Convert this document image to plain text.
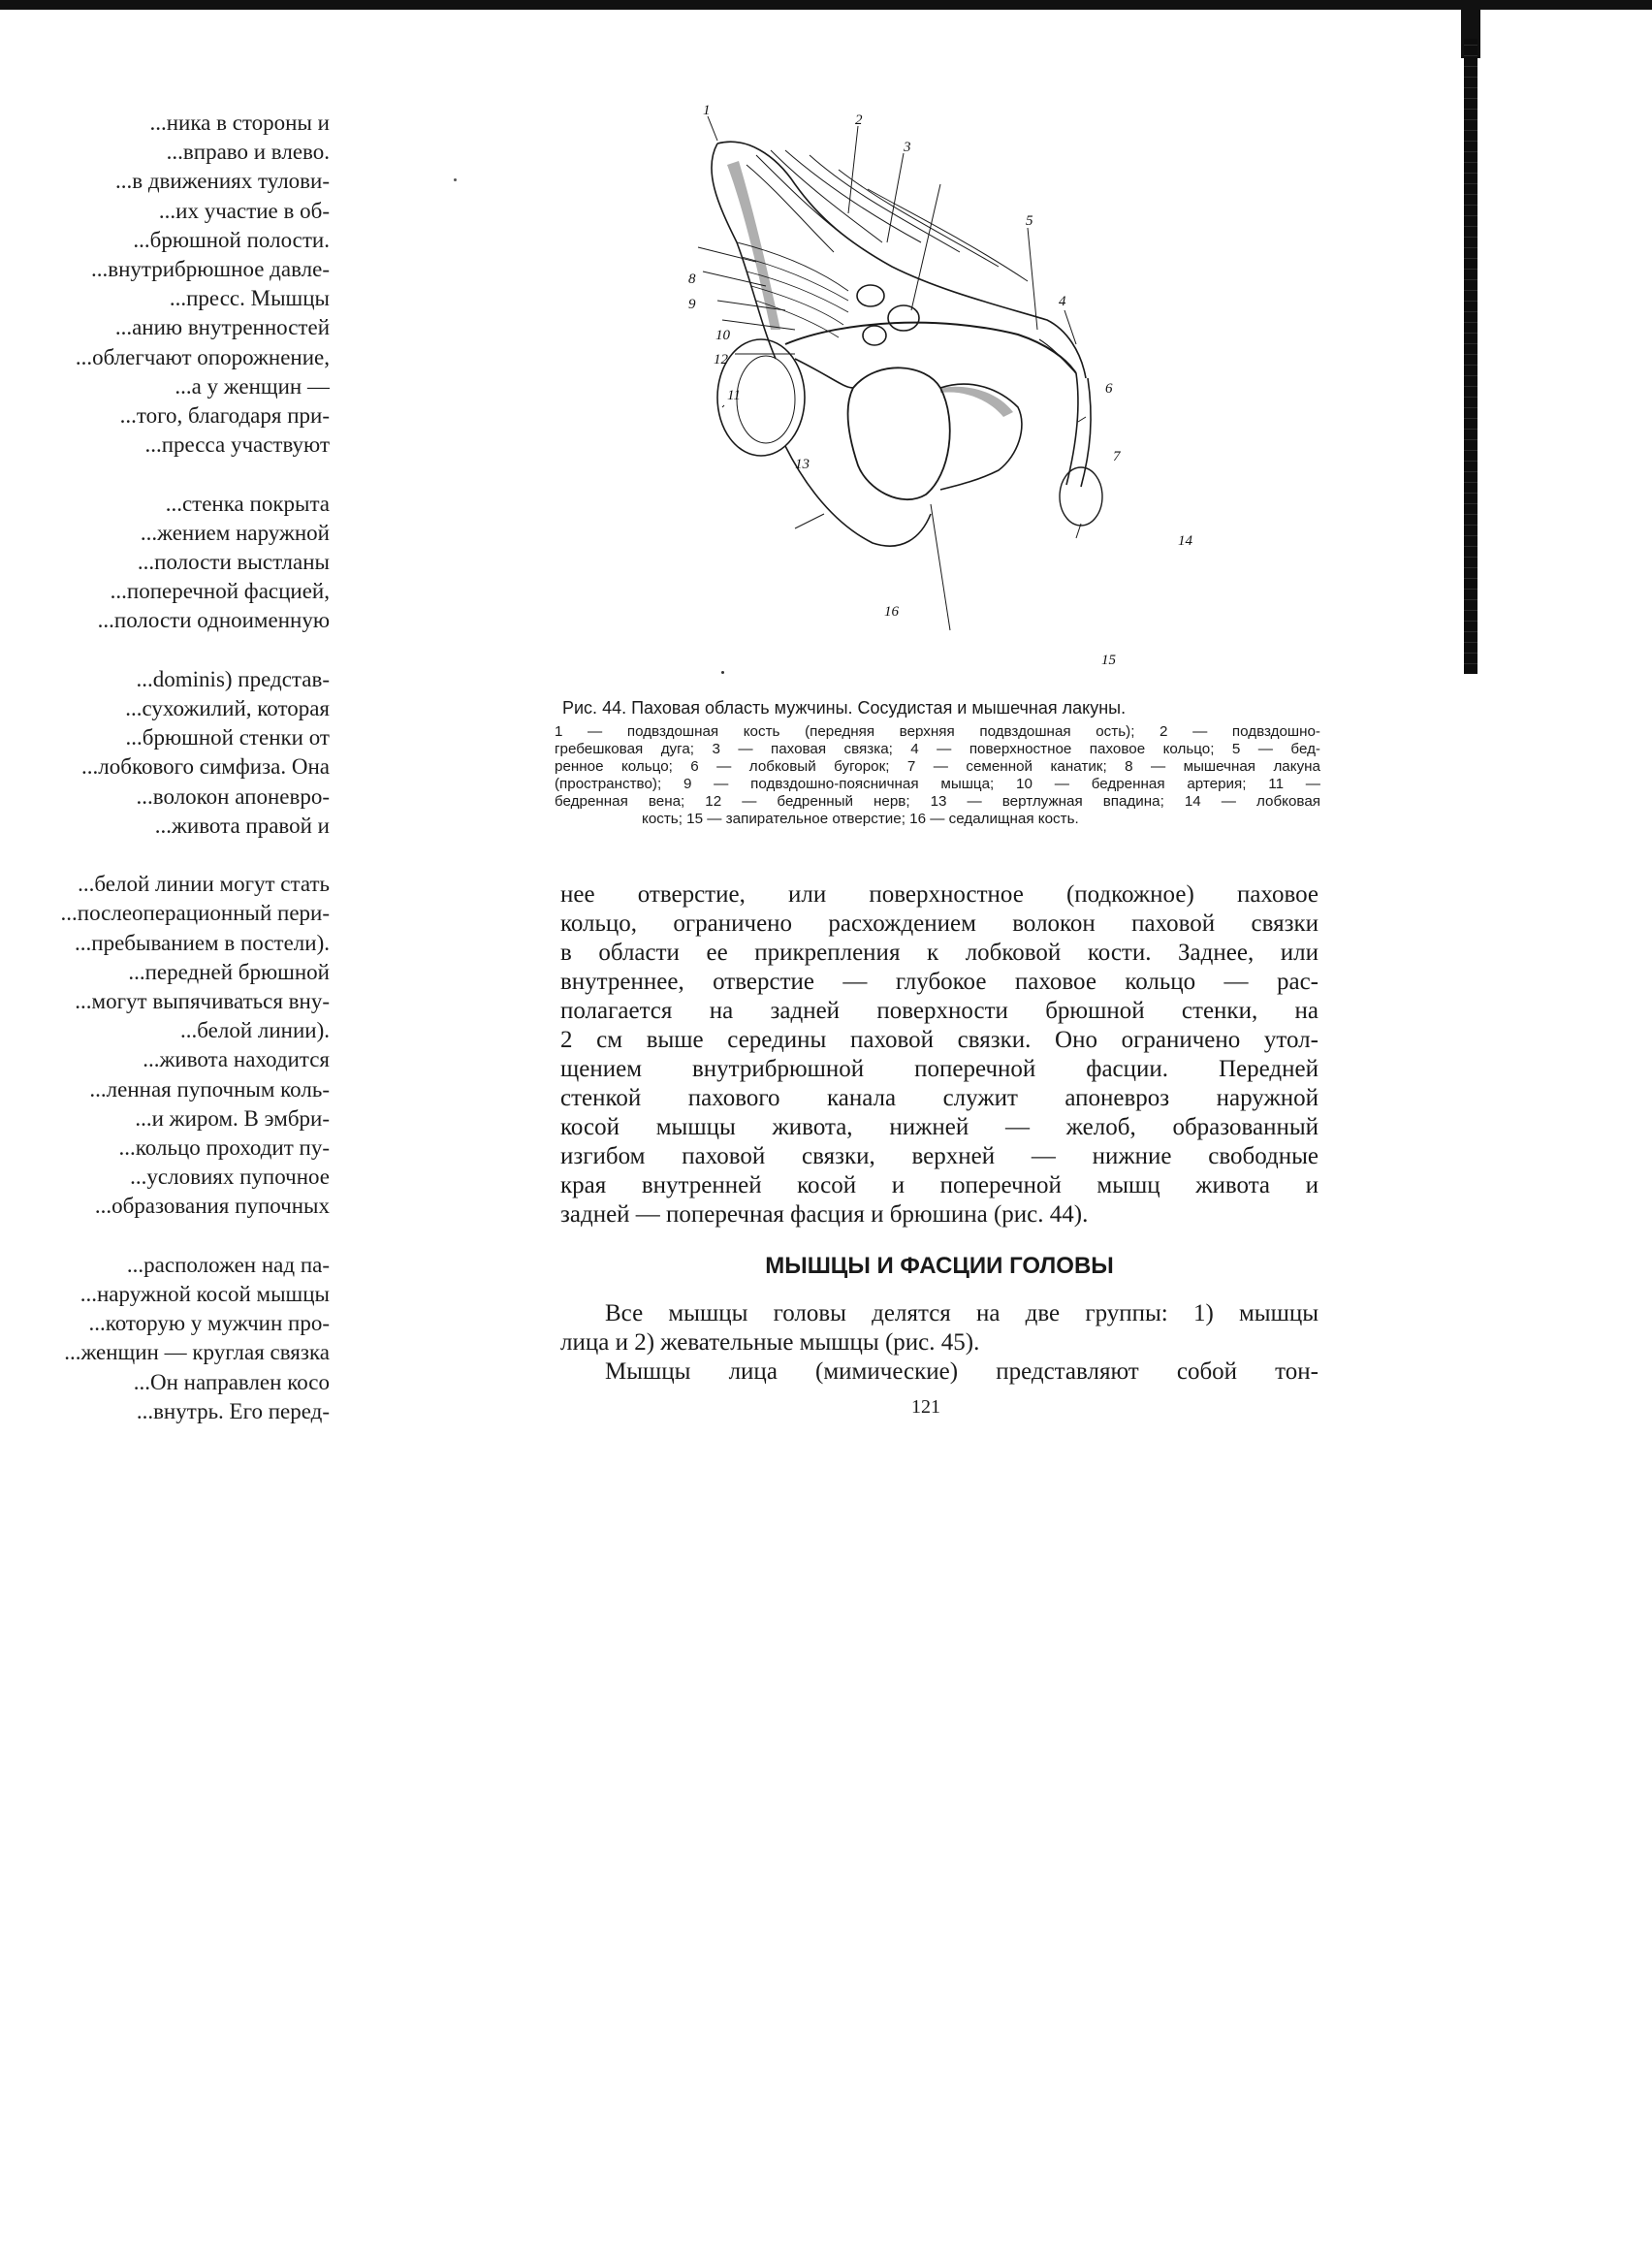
...ника в стороны и
...вправо и влево.
...в движениях тулови-
...их участие в об-
...брюшной полости.
...внутрибрюшное давле-
...пресс. Мышцы
...анию внутренностей
...облегчают опорожнение,
...а у женщин —
...того, благодаря при-
...пресса участвуют
...стенка покрыта
...жением наружной
...полости выстланы
...поперечной фасцией,
...полости одноименную
...dominis) представ-
...сухожилий, которая
...брюшной стенки от
...лобкового симфиза. Она
...волокон апоневро-
...живота правой и
...белой линии могут стать
...послеоперационный пери-
...пребыванием в постели).
...передней брюшной
...могут выпячиваться вну-
...белой линии).
...живота находится
...ленная пупочным коль-
...и жиром. В эмбри-
...кольцо проходит пу-
...условиях пупочное
...образования пупочных
...расположен над па-
...наружной косой мышцы
...которую у мужчин про-
...женщин — круглая связка
...Он направлен косо
...внутрь. Его перед-
1
2
3
4
5
6
7
8
9
10
11
12
13
14
15
16
Рис. 44. Паховая область мужчины. Сосудистая и мышечная лакуны.
1 — подвздошная кость (передняя верхняя подвздошная ость); 2 — подвздошно-
гребешковая дуга; 3 — паховая связка; 4 — поверхностное паховое кольцо; 5 — бед-
ренное кольцо; 6 — лобковый бугорок; 7 — семенной канатик; 8 — мышечная лакуна
(пространство); 9 — подвздошно-поясничная мышца; 10 — бедренная артерия; 11 —
бедренная вена; 12 — бедренный нерв; 13 — вертлужная впадина; 14 — лобковая
кость; 15 — запирательное отверстие; 16 — седалищная кость.
нее отверстие, или поверхностное (подкожное) паховое
кольцо, ограничено расхождением волокон паховой связки
в области ее прикрепления к лобковой кости. Заднее, или
внутреннее, отверстие — глубокое паховое кольцо — рас-
полагается на задней поверхности брюшной стенки, на
2 см выше середины паховой связки. Оно ограничено утол-
щением внутрибрюшной поперечной фасции. Передней
стенкой пахового канала служит апоневроз наружной
косой мышцы живота, нижней — желоб, образованный
изгибом паховой связки, верхней — нижние свободные
края внутренней косой и поперечной мышц живота и
задней — поперечная фасция и брюшина (рис. 44).
МЫШЦЫ И ФАСЦИИ ГОЛОВЫ
Все мышцы головы делятся на две группы: 1) мышцы
лица и 2) жевательные мышцы (рис. 45).
Мышцы лица (мимические) представляют собой тон-
121
